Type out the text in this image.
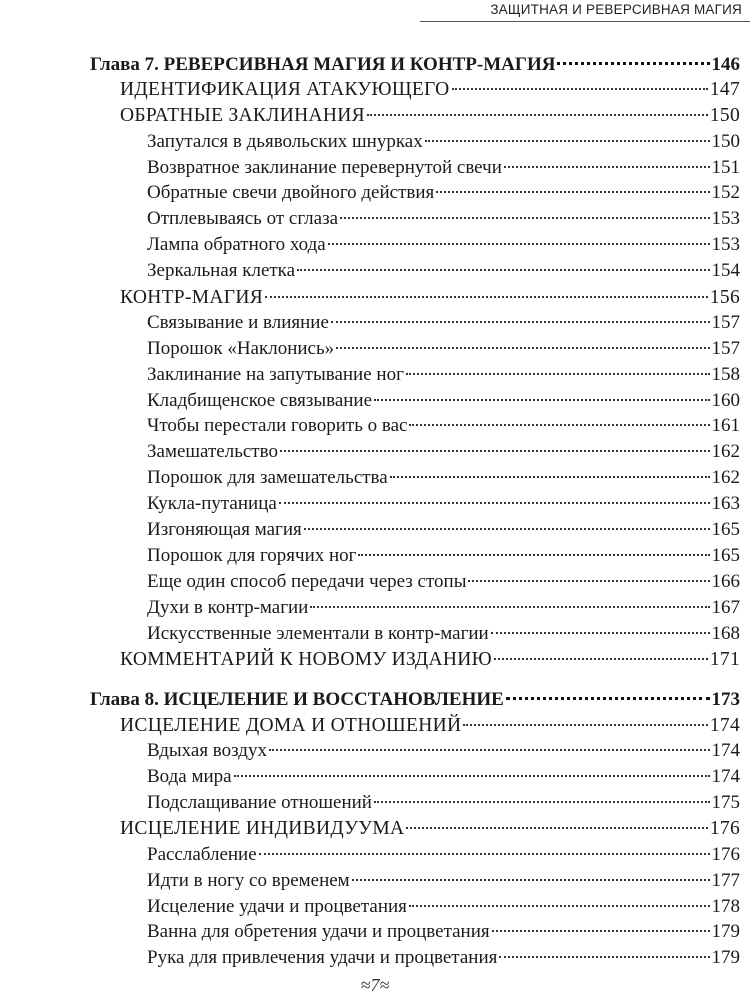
ЗАЩИТНАЯ И РЕВЕРСИВНАЯ МАГИЯ
Глава 7. РЕВЕРСИВНАЯ МАГИЯ И КОНТР-МАГИЯ	146
ИДЕНТИФИКАЦИЯ АТАКУЮЩЕГО	147
ОБРАТНЫЕ ЗАКЛИНАНИЯ	150
Запутался в дьявольских шнурках	150
Возвратное заклинание перевернутой свечи	151
Обратные свечи двойного действия	152
Отплевываясь от сглаза	153
Лампа обратного хода	153
Зеркальная клетка	154
КОНТР-МАГИЯ	156
Связывание и влияние	157
Порошок «Наклонись»	157
Заклинание на запутывание ног	158
Кладбищенское связывание	160
Чтобы перестали говорить о вас	161
Замешательство	162
Порошок для замешательства	162
Кукла-путаница	163
Изгоняющая магия	165
Порошок для горячих ног	165
Еще один способ передачи через стопы	166
Духи в контр-магии	167
Искусственные элементали в контр-магии	168
КОММЕНТАРИЙ К НОВОМУ ИЗДАНИЮ	171
Глава 8. ИСЦЕЛЕНИЕ И ВОССТАНОВЛЕНИЕ	173
ИСЦЕЛЕНИЕ ДОМА И ОТНОШЕНИЙ	174
Вдыхая воздух	174
Вода мира	174
Подслащивание отношений	175
ИСЦЕЛЕНИЕ ИНДИВИДУУМА	176
Расслабление	176
Идти в ногу со временем	177
Исцеление удачи и процветания	178
Ванна для обретения удачи и процветания	179
Рука для привлечения удачи и процветания	179
≈7≈
